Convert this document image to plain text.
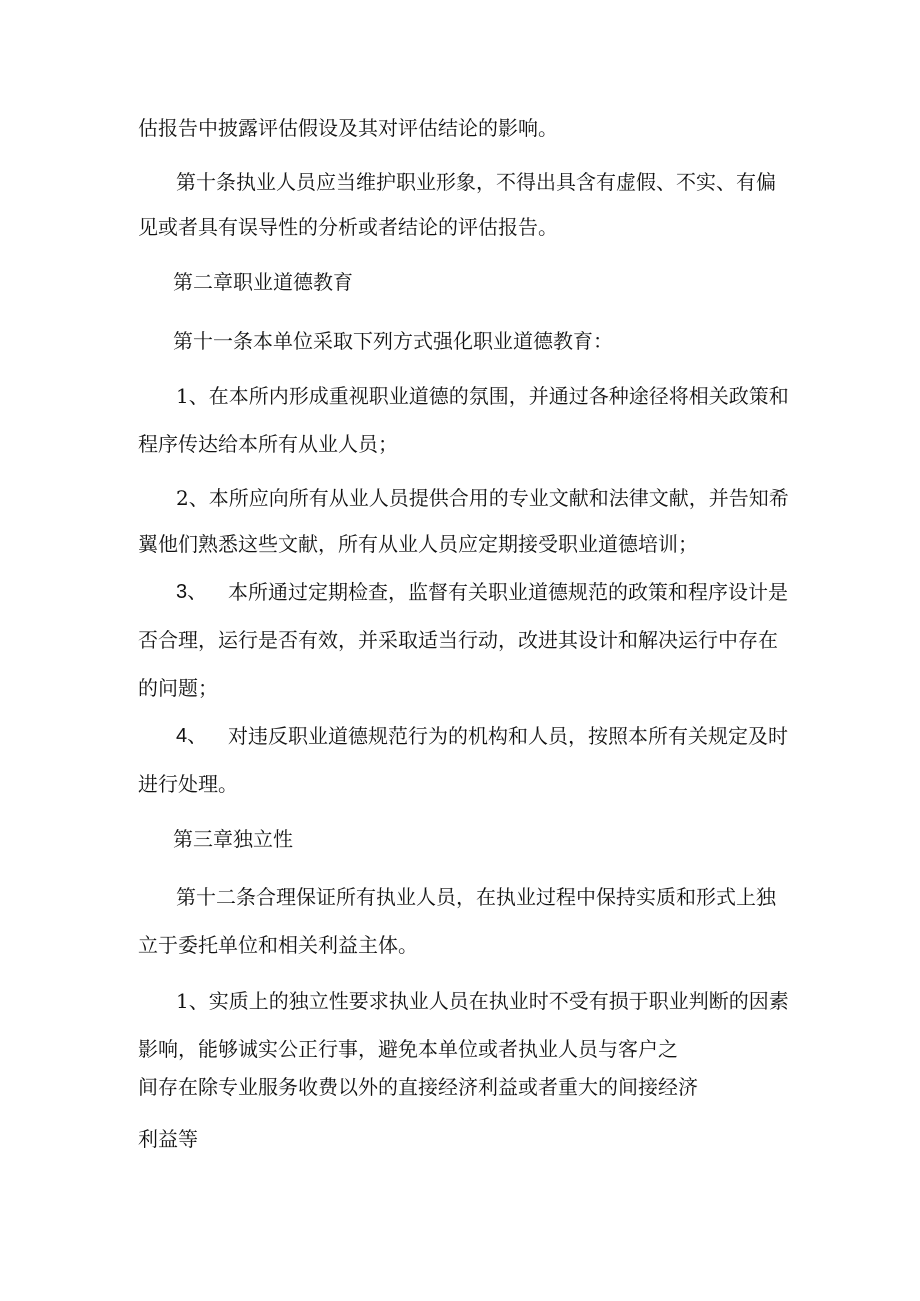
估报告中披露评估假设及其对评估结论的影响。

第十条执业人员应当维护职业形象，不得出具含有虚假、不实、有偏

见或者具有误导性的分析或者结论的评估报告。

第二章职业道德教育

第十一条本单位采取下列方式强化职业道德教育：

1、在本所内形成重视职业道德的氛围，并通过各种途径将相关政策和

程序传达给本所有从业人员；

2、本所应向所有从业人员提供合用的专业文献和法律文献，并告知希

翼他们熟悉这些文献，所有从业人员应定期接受职业道德培训；

3、 本所通过定期检查，监督有关职业道德规范的政策和程序设计是

否合理，运行是否有效，并采取适当行动，改进其设计和解决运行中存在

的问题；

4、 对违反职业道德规范行为的机构和人员，按照本所有关规定及时

进行处理。

第三章独立性

第十二条合理保证所有执业人员，在执业过程中保持实质和形式上独

立于委托单位和相关利益主体。

1、实质上的独立性要求执业人员在执业时不受有损于职业判断的因素

影响，能够诚实公正行事，避免本单位或者执业人员与客户之

间存在除专业服务收费以外的直接经济利益或者重大的间接经济

利益等
